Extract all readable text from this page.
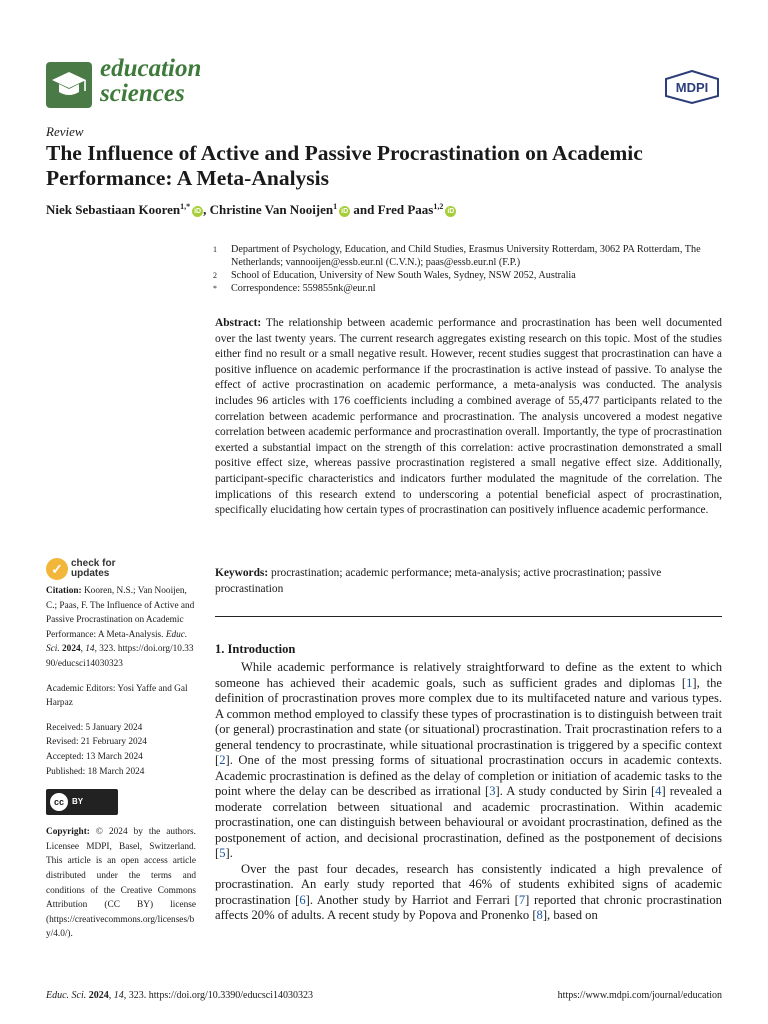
education
sciences	MDPI
Review
The Influence of Active and Passive Procrastination on Academic Performance: A Meta-Analysis
Niek Sebastiaan Kooren$^{1,*}$iD , Christine Van Nooijen$^1$iD and Fred Paas$^{1,2}$iD
1 Department of Psychology, Education, and Child Studies, Erasmus University Rotterdam, 3062 PA Rotterdam, The Netherlands; vannooijen@essb.eur.nl (C.V.N.); paas@essb.eur.nl (F.P.)
2 School of Education, University of New South Wales, Sydney, NSW 2052, Australia
* Correspondence: 559855nk@eur.nl
Abstract: The relationship between academic performance and procrastination has been well documented over the last twenty years. The current research aggregates existing research on this topic. Most of the studies either find no result or a small negative result. However, recent studies suggest that procrastination can have a positive influence on academic performance if the procrastination is active instead of passive. To analyse the effect of active procrastination on academic performance, a meta-analysis was conducted. The analysis includes 96 articles with 176 coefficients including a combined average of 55,477 participants related to the correlation between academic performance and procrastination. The analysis uncovered a modest negative correlation between academic performance and procrastination overall. Importantly, the type of procrastination exerted a substantial impact on the strength of this correlation: active procrastination demonstrated a small positive effect size, whereas passive procrastination registered a small negative effect size. Additionally, participant-specific characteristics and indicators further modulated the magnitude of the correlation. The implications of this research extend to underscoring a potential beneficial aspect of procrastination, specifically elucidating how certain types of procrastination can positively influence academic performance.
Keywords: procrastination; academic performance; meta-analysis; active procrastination; passive procrastination
1. Introduction

While academic performance is relatively straightforward to define as the extent to which someone has achieved their academic goals, such as sufficient grades and diplomas [1], the definition of procrastination proves more complex due to its multifaceted nature and various types. A common method employed to classify these types of procrastination is to distinguish between trait (or general) procrastination and state (or situational) procrastination. Trait procrastination refers to a general tendency to procrastinate, while situational procrastination is triggered by a specific context [2]. One of the most pressing forms of situational procrastination occurs in academic contexts. Academic procrastination is defined as the delay of completion or initiation of academic tasks to the point where the delay can be described as irrational [3]. A study conducted by Sirin [4] revealed a moderate correlation between situational and academic procrastination. Within academic procrastination, one can distinguish between behavioural or avoidant procrastination, defined as the postponement of action, and decisional procrastination, defined as the postponement of decisions [5].

Over the past four decades, research has consistently indicated a high prevalence of procrastination. An early study reported that 46% of students exhibited signs of academic procrastination [6]. Another study by Harriot and Ferrari [7] reported that chronic procrastination affects 20% of adults. A recent study by Popova and Pronenko [8], based on

✓ check for
updates
Citation: Kooren, N.S.; Van Nooijen, C.; Paas, F. The Influence of Active and Passive Procrastination on Academic Performance: A Meta-Analysis. Educ. Sci. 2024, 14, 323. https://doi.org/10.3390/educsci14030323
Academic Editors: Yosi Yaffe and Gal Harpaz
Received: 5 January 2024
Revised: 21 February 2024
Accepted: 13 March 2024
Published: 18 March 2024
cc	BY
Copyright: © 2024 by the authors. Licensee MDPI, Basel, Switzerland. This article is an open access article distributed under the terms and conditions of the Creative Commons Attribution (CC BY) license (https://creativecommons.org/licenses/by/4.0/).
Educ. Sci. 2024, 14, 323. https://doi.org/10.3390/educsci14030323	https://www.mdpi.com/journal/education
